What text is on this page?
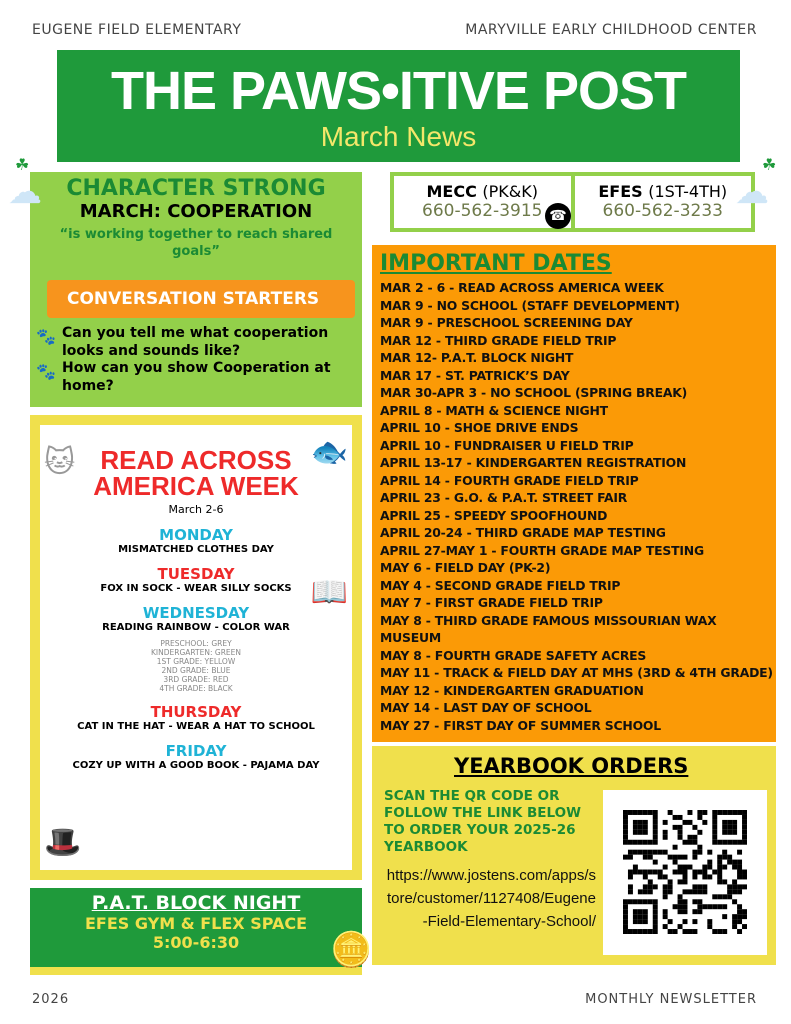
EUGENE FIELD ELEMENTARY	MARYVILLE EARLY CHILDHOOD CENTER
THE PAWS•ITIVE POST
March News
CHARACTER STRONG
MARCH: COOPERATION
“is working together to reach shared goals”
CONVERSATION STARTERS
🐾 Can you tell me what cooperation looks and sounds like?
🐾 How can you show Cooperation at home?
MECC (PK&K)
660-562-3915
EFES (1ST-4TH)
660-562-3233
☎
☁	☁
☘	☘
IMPORTANT DATES
MAR 2 - 6 - READ ACROSS AMERICA WEEK
MAR 9 - NO SCHOOL (STAFF DEVELOPMENT)
MAR 9 - PRESCHOOL SCREENING DAY
MAR 12 - THIRD GRADE FIELD TRIP
MAR 12- P.A.T. BLOCK NIGHT
MAR 17 - ST. PATRICK’S DAY
MAR 30-APR 3 - NO SCHOOL (SPRING BREAK)
APRIL 8 - MATH & SCIENCE NIGHT
APRIL 10 - SHOE DRIVE ENDS
APRIL 10 - FUNDRAISER U FIELD TRIP
APRIL 13-17 - KINDERGARTEN REGISTRATION
APRIL 14 - FOURTH GRADE FIELD TRIP
APRIL 23 - G.O. & P.A.T. STREET FAIR
APRIL 25 - SPEEDY SPOOFHOUND
APRIL 20-24 - THIRD GRADE MAP TESTING
APRIL 27-MAY 1 - FOURTH GRADE MAP TESTING
MAY 6 - FIELD DAY (PK-2)
MAY 4 - SECOND GRADE FIELD TRIP
MAY 7 - FIRST GRADE FIELD TRIP
MAY 8 - THIRD GRADE FAMOUS MISSOURIAN WAX
MUSEUM
MAY 8 - FOURTH GRADE SAFETY ACRES
MAY 11 - TRACK & FIELD DAY AT MHS (3RD & 4TH GRADE)
MAY 12 - KINDERGARTEN GRADUATION
MAY 14 - LAST DAY OF SCHOOL
MAY 27 - FIRST DAY OF SUMMER SCHOOL
🐱	🐟
📖
🎩
READ ACROSS
AMERICA WEEK
March 2-6
MONDAY
MISMATCHED CLOTHES DAY
TUESDAY
FOX IN SOCK - WEAR SILLY SOCKS
WEDNESDAY
READING RAINBOW - COLOR WAR
PRESCHOOL: GREY
KINDERGARTEN: GREEN
1ST GRADE: YELLOW
2ND GRADE: BLUE
3RD GRADE: RED
4TH GRADE: BLACK
THURSDAY
CAT IN THE HAT - WEAR A HAT TO SCHOOL
FRIDAY
COZY UP WITH A GOOD BOOK - PAJAMA DAY
P.A.T. BLOCK NIGHT
EFES GYM & FLEX SPACE
5:00-6:30	🪙
YEARBOOK ORDERS
SCAN THE QR CODE OR FOLLOW THE LINK BELOW TO ORDER YOUR 2025-26 YEARBOOK
https://www.jostens.com/apps/store/customer/1127408/Eugene-Field-Elementary-School/
2026	MONTHLY NEWSLETTER
